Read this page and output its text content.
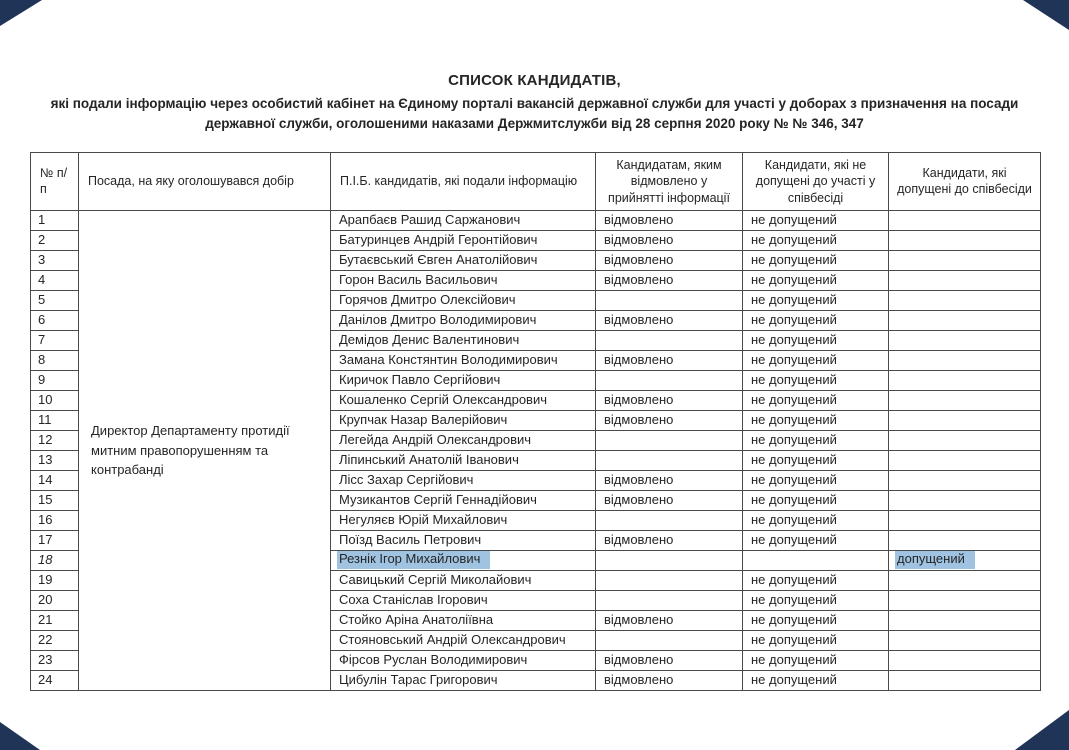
СПИСОК КАНДИДАТІВ,
які подали інформацію через особистий кабінет на Єдиному порталі вакансій державної служби для участі у доборах з призначення на посади
державної служби, оголошеними наказами Держмитслужби від 28 серпня 2020 року № № 346, 347
№ п/п	Посада, на яку оголошувався добір	П.І.Б. кандидатів, які подали інформацію	Кандидатам, яким відмовлено у прийнятті інформації	Кандидати, які не допущені до участі у співбесіді	Кандидати, які допущені до співбесіди
1	Директор Департаменту протидії митним правопорушенням та контрабанді	Арапбаєв Рашид Саржанович	відмовлено	не допущений	
2		Батуринцев Андрій Геронтійович	відмовлено	не допущений	
3		Бутаєвський Євген Анатолійович	відмовлено	не допущений	
4		Горон Василь Васильович	відмовлено	не допущений	
5		Горячов Дмитро Олексійович		не допущений	
6		Данілов Дмитро Володимирович	відмовлено	не допущений	
7		Демідов Денис Валентинович		не допущений	
8		Замана Констянтин Володимирович	відмовлено	не допущений	
9		Киричок Павло Сергійович		не допущений	
10		Кошаленко Сергій Олександрович	відмовлено	не допущений	
11		Крупчак Назар Валерійович	відмовлено	не допущений	
12		Легейда Андрій Олександрович		не допущений	
13		Ліпинський Анатолій Іванович		не допущений	
14		Лісс Захар Сергійович	відмовлено	не допущений	
15		Музикантов Сергій Геннадійович	відмовлено	не допущений	
16		Негуляєв Юрій Михайлович		не допущений	
17		Поїзд Василь Петрович	відмовлено	не допущений	
18		Резнік Ігор Михайлович			допущений
19		Савицький Сергій Миколайович		не допущений	
20		Соха Станіслав Ігорович		не допущений	
21		Стойко Аріна Анатоліївна	відмовлено	не допущений	
22		Стояновський Андрій Олександрович		не допущений	
23		Фірсов Руслан Володимирович	відмовлено	не допущений	
24		Цибулін Тарас Григорович	відмовлено	не допущений	
